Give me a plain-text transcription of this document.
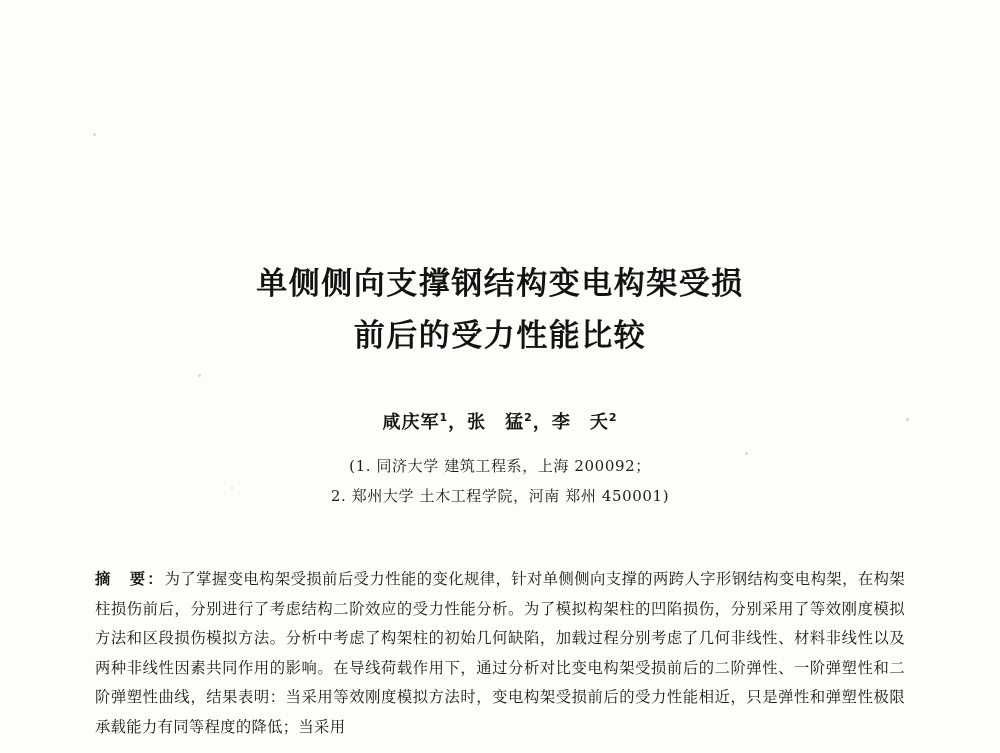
单侧侧向支撑钢结构变电构架受损
前后的受力性能比较
咸庆军$^1$，张　猛$^2$，李　夭$^2$
(1. 同济大学 建筑工程系，上海 200092；
2. 郑州大学 土木工程学院，河南 郑州 450001)
摘　要：为了掌握变电构架受损前后受力性能的变化规律，针对单侧侧向支撑的两跨人字形钢结构变电构架，在构架柱损伤前后，分别进行了考虑结构二阶效应的受力性能分析。为了模拟构架柱的凹陷损伤，分别采用了等效刚度模拟方法和区段损伤模拟方法。分析中考虑了构架柱的初始几何缺陷，加载过程分别考虑了几何非线性、材料非线性以及两种非线性因素共同作用的影响。在导线荷载作用下，通过分析对比变电构架受损前后的二阶弹性、一阶弹塑性和二阶弹塑性曲线，结果表明：当采用等效刚度模拟方法时，变电构架受损前后的受力性能相近，只是弹性和弹塑性极限承载能力有同等程度的降低；当采用
